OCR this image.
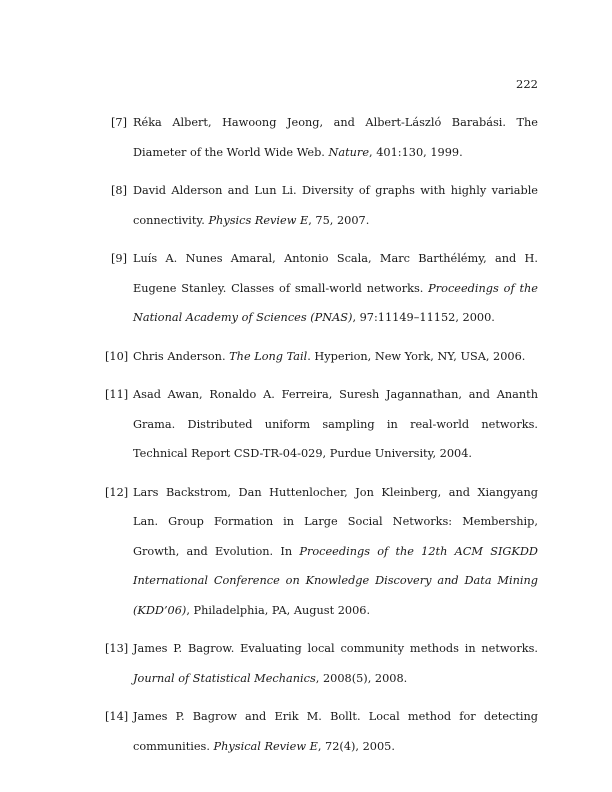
222
[7] Réka Albert, Hawoong Jeong, and Albert-László Barabási. The Diameter of the World Wide Web. Nature, 401:130, 1999.
[8] David Alderson and Lun Li. Diversity of graphs with highly variable connectivity. Physics Review E, 75, 2007.
[9] Luís A. Nunes Amaral, Antonio Scala, Marc Barthélémy, and H. Eugene Stanley. Classes of small-world networks. Proceedings of the National Academy of Sciences (PNAS), 97:11149–11152, 2000.
[10] Chris Anderson. The Long Tail. Hyperion, New York, NY, USA, 2006.
[11] Asad Awan, Ronaldo A. Ferreira, Suresh Jagannathan, and Ananth Grama. Distributed uniform sampling in real-world networks. Technical Report CSD-TR-04-029, Purdue University, 2004.
[12] Lars Backstrom, Dan Huttenlocher, Jon Kleinberg, and Xiangyang Lan. Group Formation in Large Social Networks: Membership, Growth, and Evolution. In Proceedings of the 12th ACM SIGKDD International Conference on Knowledge Discovery and Data Mining (KDD’06), Philadelphia, PA, August 2006.
[13] James P. Bagrow. Evaluating local community methods in networks. Journal of Statistical Mechanics, 2008(5), 2008.
[14] James P. Bagrow and Erik M. Bollt. Local method for detecting communities. Physical Review E, 72(4), 2005.
